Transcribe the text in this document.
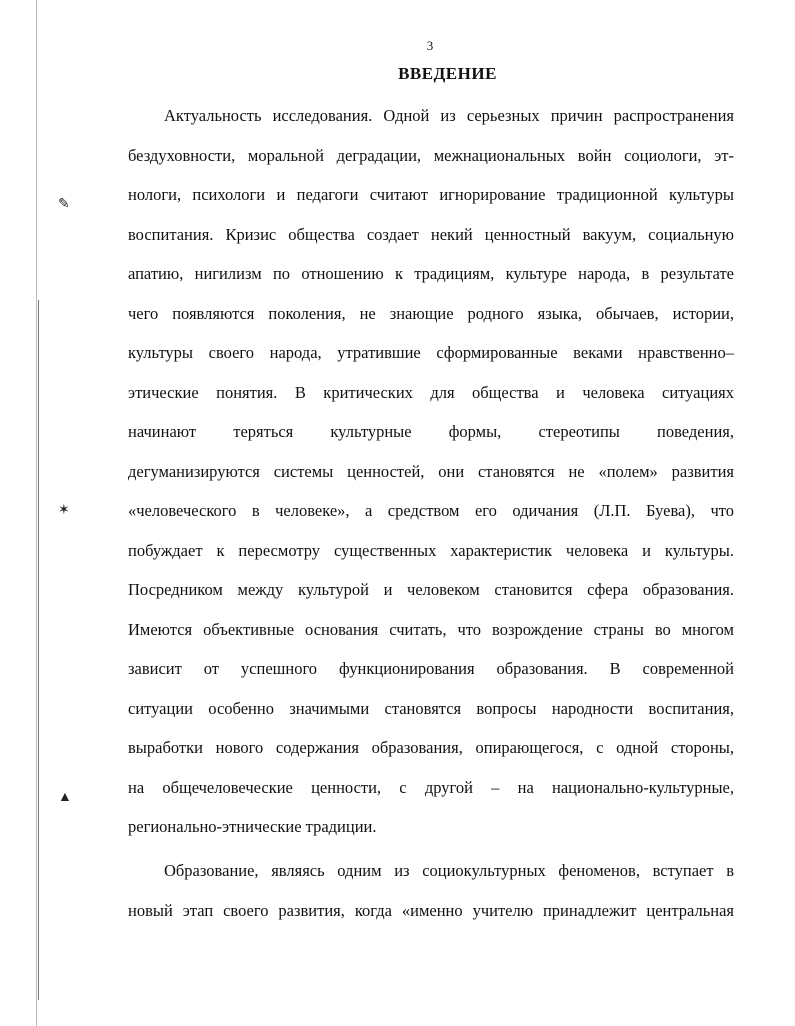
✎
✶
▲
3
ВВЕДЕНИЕ
Актуальность исследования. Одной из серьезных причин распространения
бездуховности, моральной деградации, межнациональных войн социологи, эт-
нологи, психологи и педагоги считают игнорирование традиционной культуры
воспитания. Кризис общества создает некий ценностный вакуум, социальную
апатию, нигилизм по отношению к традициям, культуре народа, в результате
чего появляются поколения, не знающие родного языка, обычаев, истории,
культуры своего народа, утратившие сформированные веками нравственно–
этические понятия. В критических для общества и человека ситуациях
начинают теряться культурные формы, стереотипы поведения,
дегуманизируются системы ценностей, они становятся не «полем» развития
«человеческого в человеке», а средством его одичания (Л.П. Буева), что
побуждает к пересмотру существенных характеристик человека и культуры.
Посредником между культурой и человеком становится сфера образования.
Имеются объективные основания считать, что возрождение страны во многом
зависит от успешного функционирования образования. В современной
ситуации особенно значимыми становятся вопросы народности воспитания,
выработки нового содержания образования, опирающегося, с одной стороны,
на общечеловеческие ценности, с другой – на национально-культурные,
регионально-этнические традиции.
Образование, являясь одним из социокультурных феноменов, вступает в
новый этап своего развития, когда «именно учителю принадлежит центральная
